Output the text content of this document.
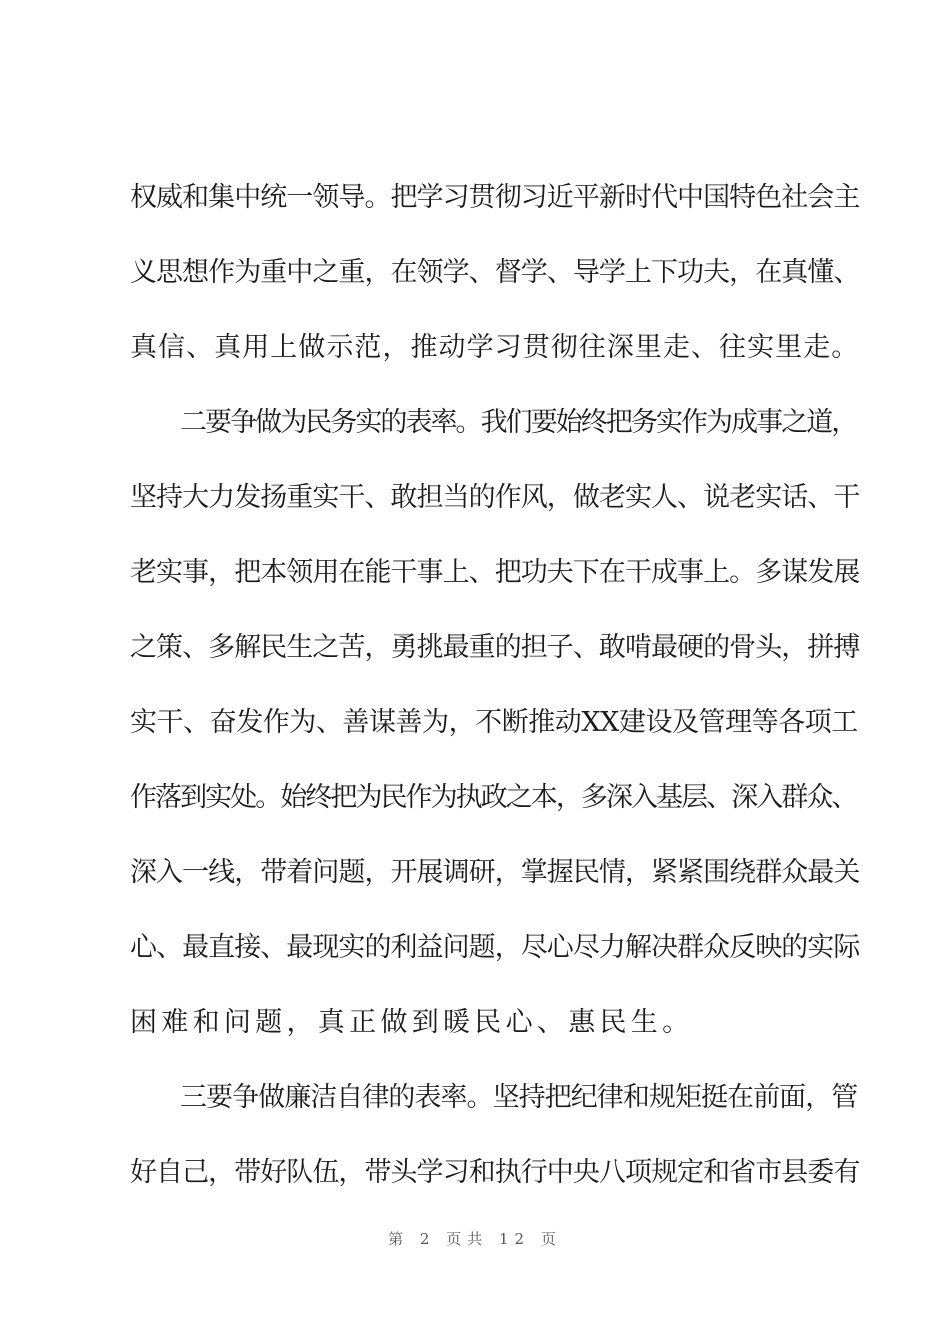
权威和集中统一领导。把学习贯彻习近平新时代中国特色社会主
义思想作为重中之重，在领学、督学、导学上下功夫，在真懂、
真信、真用上做示范，推动学习贯彻往深里走、往实里走。
二要争做为民务实的表率。我们要始终把务实作为成事之道，
坚持大力发扬重实干、敢担当的作风，做老实人、说老实话、干
老实事，把本领用在能干事上、把功夫下在干成事上。多谋发展
之策、多解民生之苦，勇挑最重的担子、敢啃最硬的骨头，拼搏
实干、奋发作为、善谋善为，不断推动XX建设及管理等各项工
作落到实处。始终把为民作为执政之本，多深入基层、深入群众、
深入一线，带着问题，开展调研，掌握民情，紧紧围绕群众最关
心、最直接、最现实的利益问题，尽心尽力解决群众反映的实际
困难和问题，真正做到暖民心、惠民生。
三要争做廉洁自律的表率。坚持把纪律和规矩挺在前面，管
好自己，带好队伍，带头学习和执行中央八项规定和省市县委有
第 2 页共 12 页
